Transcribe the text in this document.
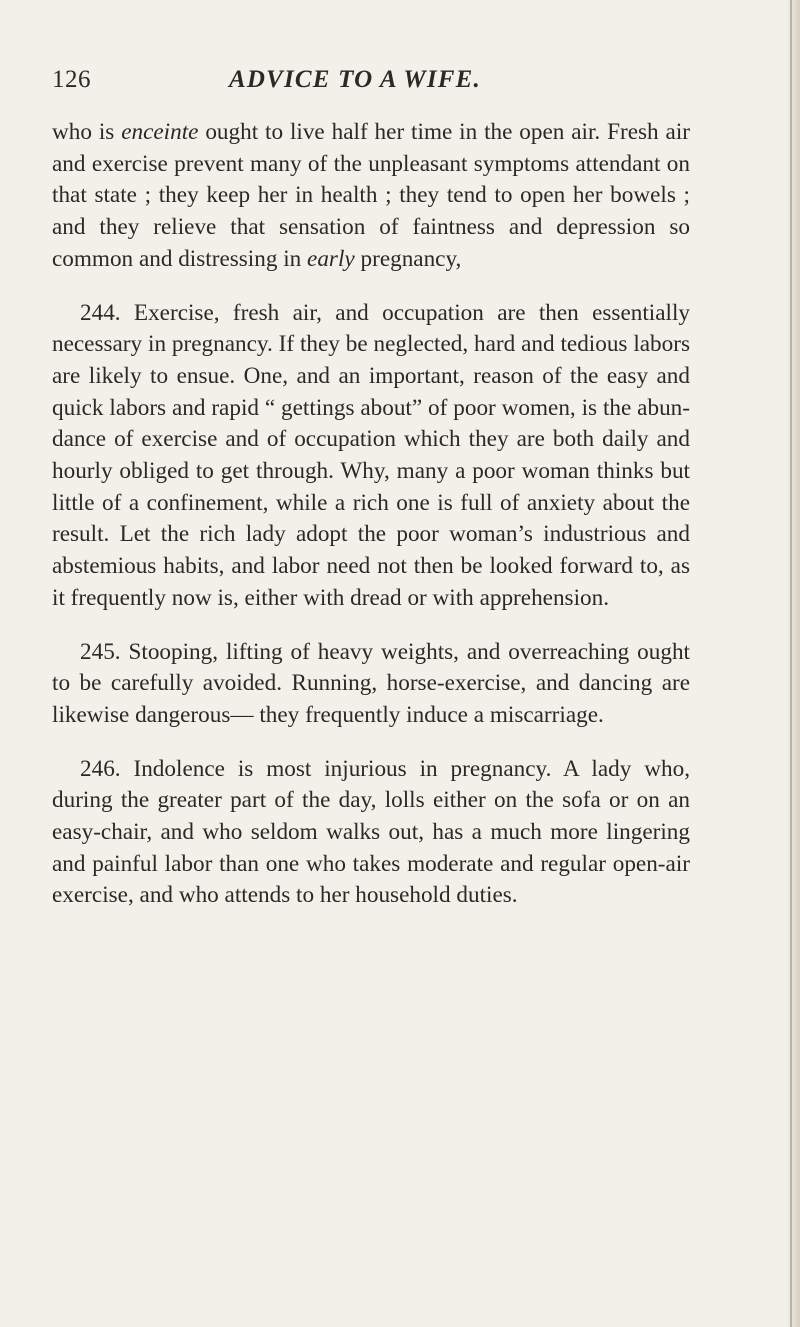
126	ADVICE TO A WIFE.

who is enceinte ought to live half her time in the open air. Fresh air and exercise prevent many of the unpleasant symptoms attendant on that state ; they keep her in health ; they tend to open her bowels ; and they relieve that sensation of faintness and depression so common and distressing in early pregnancy,

244. Exercise, fresh air, and occupation are then essentially necessary in pregnancy. If they be neglected, hard and tedious labors are likely to ensue. One, and an important, reason of the easy and quick labors and rapid “ gettings about” of poor women, is the abundance of exercise and of occupation which they are both daily and hourly obliged to get through. Why, many a poor woman thinks but little of a confinement, while a rich one is full of anxiety about the result. Let the rich lady adopt the poor woman’s industrious and abstemious habits, and labor need not then be looked forward to, as it frequently now is, either with dread or with apprehension.

245. Stooping, lifting of heavy weights, and overreaching ought to be carefully avoided. Running, horse-exercise, and dancing are likewise dangerous— they frequently induce a miscarriage.

246. Indolence is most injurious in pregnancy. A lady who, during the greater part of the day, lolls either on the sofa or on an easy-chair, and who seldom walks out, has a much more lingering and painful labor than one who takes moderate and regular open-air exercise, and who attends to her household duties.
